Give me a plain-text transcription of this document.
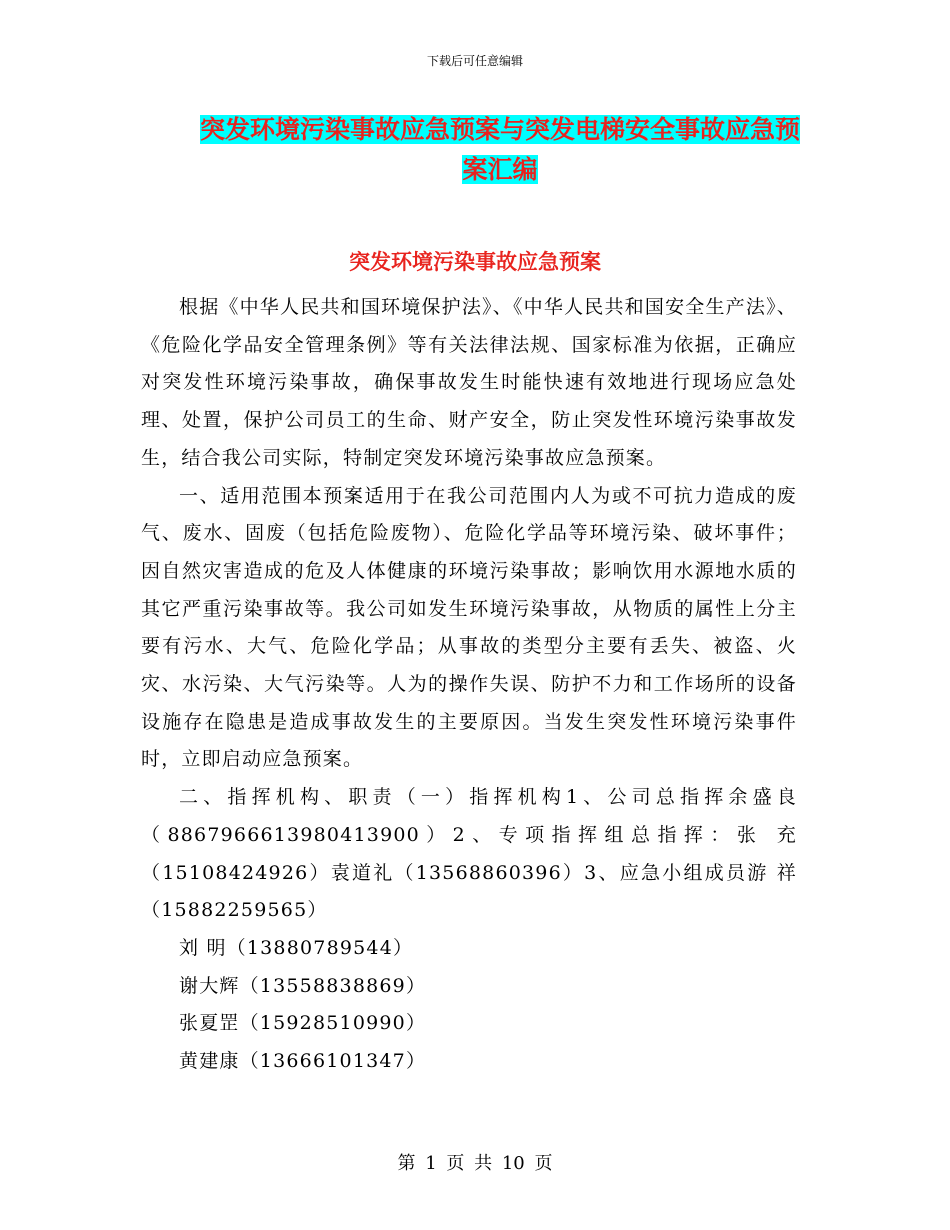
下载后可任意编辑
突发环境污染事故应急预案与突发电梯安全事故应急预案汇编
突发环境污染事故应急预案

根据《中华人民共和国环境保护法》、《中华人民共和国安全生产法》、《危险化学品安全管理条例》等有关法律法规、国家标准为依据，正确应对突发性环境污染事故，确保事故发生时能快速有效地进行现场应急处理、处置，保护公司员工的生命、财产安全，防止突发性环境污染事故发生，结合我公司实际，特制定突发环境污染事故应急预案。

一、适用范围本预案适用于在我公司范围内人为或不可抗力造成的废气、废水、固废（包括危险废物）、危险化学品等环境污染、破坏事件；因自然灾害造成的危及人体健康的环境污染事故；影响饮用水源地水质的其它严重污染事故等。我公司如发生环境污染事故，从物质的属性上分主要有污水、大气、危险化学品；从事故的类型分主要有丢失、被盗、火灾、水污染、大气污染等。人为的操作失误、防护不力和工作场所的设备设施存在隐患是造成事故发生的主要原因。当发生突发性环境污染事件时，立即启动应急预案。

二、指挥机构、职责（一）指挥机构1、公司总指挥余盛良（8867966613980413900）2、专项指挥组总指挥：张 充（15108424926）袁道礼（13568860396）3、应急小组成员游 祥（15882259565）

刘 明（13880789544）

谢大辉（13558838869）

张夏罡（15928510990）

黄建康（13666101347）

第 1 页 共 10 页
